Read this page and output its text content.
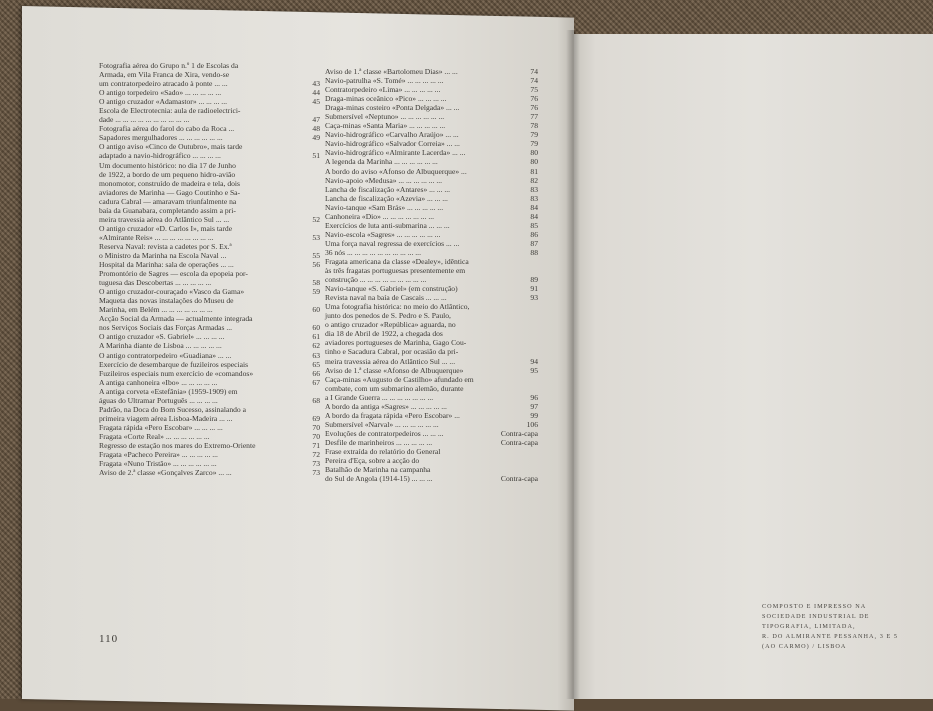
Fotografia aérea do Grupo n.º 1 de Escolas da
Armada, em Vila Franca de Xira, vendo-se
um contratorpedeiro atracado à ponte ... ...	43
O antigo torpedeiro «Sado» ... ... ... ... ...	44
O antigo cruzador «Adamastor» ... ... ... ...	45
Escola de Electrotecnia: aula de radioelectrici-
dade ... ... ... ... ... ... ... ... ... ...	47
Fotografia aérea do farol do cabo da Roca ...	48
Sapadores mergulhadores ... ... ... ... ... ...	49
O antigo aviso «Cinco de Outubro», mais tarde
adaptado a navio-hidrográfico ... ... ... ...	51
Um documento histórico: no dia 17 de Junho
de 1922, a bordo de um pequeno hidro-avião
monomotor, construído de madeira e tela, dois
aviadores de Marinha — Gago Coutinho e Sa-
cadura Cabral — amaravam triunfalmente na
baía da Guanabara, completando assim a pri-
meira travessia aérea do Atlântico Sul ... ...	52
O antigo cruzador «D. Carlos I», mais tarde
«Almirante Reis» ... ... ... ... ... ... ... ...	53
Reserva Naval: revista a cadetes por S. Ex.ª
o Ministro da Marinha na Escola Naval ...	55
Hospital da Marinha: sala de operações ... ...	56
Promontório de Sagres — escola da epopeia por-
tuguesa das Descobertas ... ... ... ... ...	58
O antigo cruzador-couraçado «Vasco da Gama»	59
Maqueta das novas instalações do Museu de
Marinha, em Belém ... ... ... ... ... ... ...	60
Acção Social da Armada — actualmente integrada
nos Serviços Sociais das Forças Armadas ...	60
O antigo cruzador «S. Gabriel» ... ... ... ...	61
A Marinha diante de Lisboa ... ... ... ... ...	62
O antigo contratorpedeiro «Guadiana» ... ...	63
Exercício de desembarque de fuzileiros especiais	65
Fuzileiros especiais num exercício de «comandos»	66
A antiga canhoneira «Ibo» ... ... ... ... ...	67
A antiga corveta «Estefânia» (1959-1909) em
águas do Ultramar Português ... ... ... ...	68
Padrão, na Doca do Bom Sucesso, assinalando a
primeira viagem aérea Lisboa-Madeira ... ...	69
Fragata rápida «Pero Escobar» ... ... ... ...	70
Fragata «Corte Real» ... ... ... ... ... ...	70
Regresso de estação nos mares do Extremo-Oriente	71
Fragata «Pacheco Pereira» ... ... ... ... ...	72
Fragata «Nuno Tristão» ... ... ... ... ... ...	73
Aviso de 2.ª classe «Gonçalves Zarco» ... ...	73
Aviso de 1.ª classe «Bartolomeu Dias» ... ...	74
Navio-patrulha «S. Tomé» ... ... ... ... ...	74
Contratorpedeiro «Lima» ... ... ... ... ...	75
Draga-minas oceânico «Pico» ... ... ... ...	76
Draga-minas costeiro «Ponta Delgada» ... ...	76
Submersível «Neptuno» ... ... ... ... ... ...	77
Caça-minas «Santa Maria» ... ... ... ... ...	78
Navio-hidrográfico «Carvalho Araújo» ... ...	79
Navio-hidrográfico «Salvador Correia» ... ...	79
Navio-hidrográfico «Almirante Lacerda» ... ...	80
A legenda da Marinha ... ... ... ... ... ...	80
A bordo do aviso «Afonso de Albuquerque» ...	81
Navio-apoio «Medusa» ... ... ... ... ... ...	82
Lancha de fiscalização «Antares» ... ... ...	83
Lancha de fiscalização «Azevia» ... ... ...	83
Navio-tanque «Sam Brás» ... ... ... ... ...	84
Canhoneira «Dio» ... ... ... ... ... ... ...	84
Exercícios de luta anti-submarina ... ... ...	85
Navio-escola «Sagres» ... ... ... ... ... ...	86
Uma força naval regressa de exercícios ... ...	87
36 nós ... ... ... ... ... ... ... ... ... ...	88
Fragata americana da classe «Dealey», idêntica
às três fragatas portuguesas presentemente em
construção ... ... ... ... ... ... ... ... ...	89
Navio-tanque «S. Gabriel» (em construção)	91
Revista naval na baía de Cascais ... ... ...	93
Uma fotografia histórica: no meio do Atlântico,
junto dos penedos de S. Pedro e S. Paulo,
o antigo cruzador «República» aguarda, no
dia 18 de Abril de 1922, a chegada dos
aviadores portugueses de Marinha, Gago Cou-
tinho e Sacadura Cabral, por ocasião da pri-
meira travessia aérea do Atlântico Sul ... ...	94
Aviso de 1.ª classe «Afonso de Albuquerque»	95
Caça-minas «Augusto de Castilho» afundado em
combate, com um submarino alemão, durante
a I Grande Guerra ... ... ... ... ... ... ...	96
A bordo da antiga «Sagres» ... ... ... ... ...	97
A bordo da fragata rápida «Pero Escobar» ...	99
Submersível «Narval» ... ... ... ... ... ...	106
Evoluções de contratorpedeiros ... ... ...	Contra-capa
Desfile de marinheiros ... ... ... ... ...	Contra-capa
Frase extraída do relatório do General
Pereira d'Eça, sobre a acção do
Batalhão de Marinha na campanha
do Sul de Angola (1914-15) ... ... ...	Contra-capa
110
COMPOSTO E IMPRESSO NA
SOCIEDADE INDUSTRIAL DE
TIPOGRAFIA, LIMITADA,
R. DO ALMIRANTE PESSANHA, 3 E 5
(AO CARMO) / LISBOA
